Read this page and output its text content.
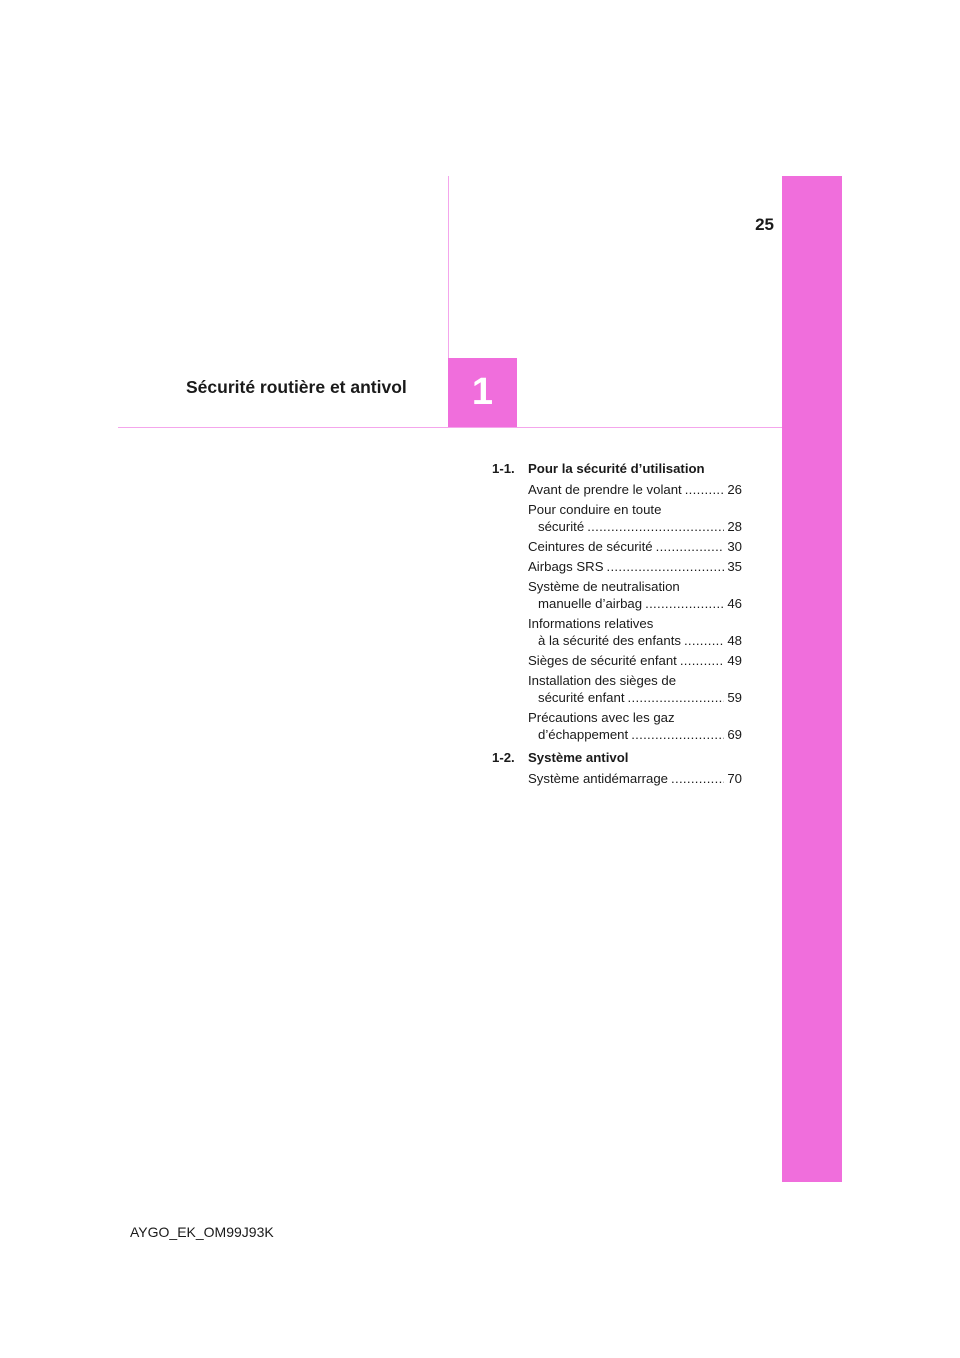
25
Sécurité routière et antivol 1
1-1.	Pour la sécurité d’utilisation
Avant de prendre le volant .....	26
Pour conduire en toute
sécurité .....	28
Ceintures de sécurité .....	30
Airbags SRS .....	35
Système de neutralisation
manuelle d’airbag .....	46
Informations relatives
à la sécurité des enfants .....	48
Sièges de sécurité enfant .....	49
Installation des sièges de
sécurité enfant .....	59
Précautions avec les gaz
d’échappement .....	69
1-2.	Système antivol
Système antidémarrage .....	70
AYGO_EK_OM99J93K
